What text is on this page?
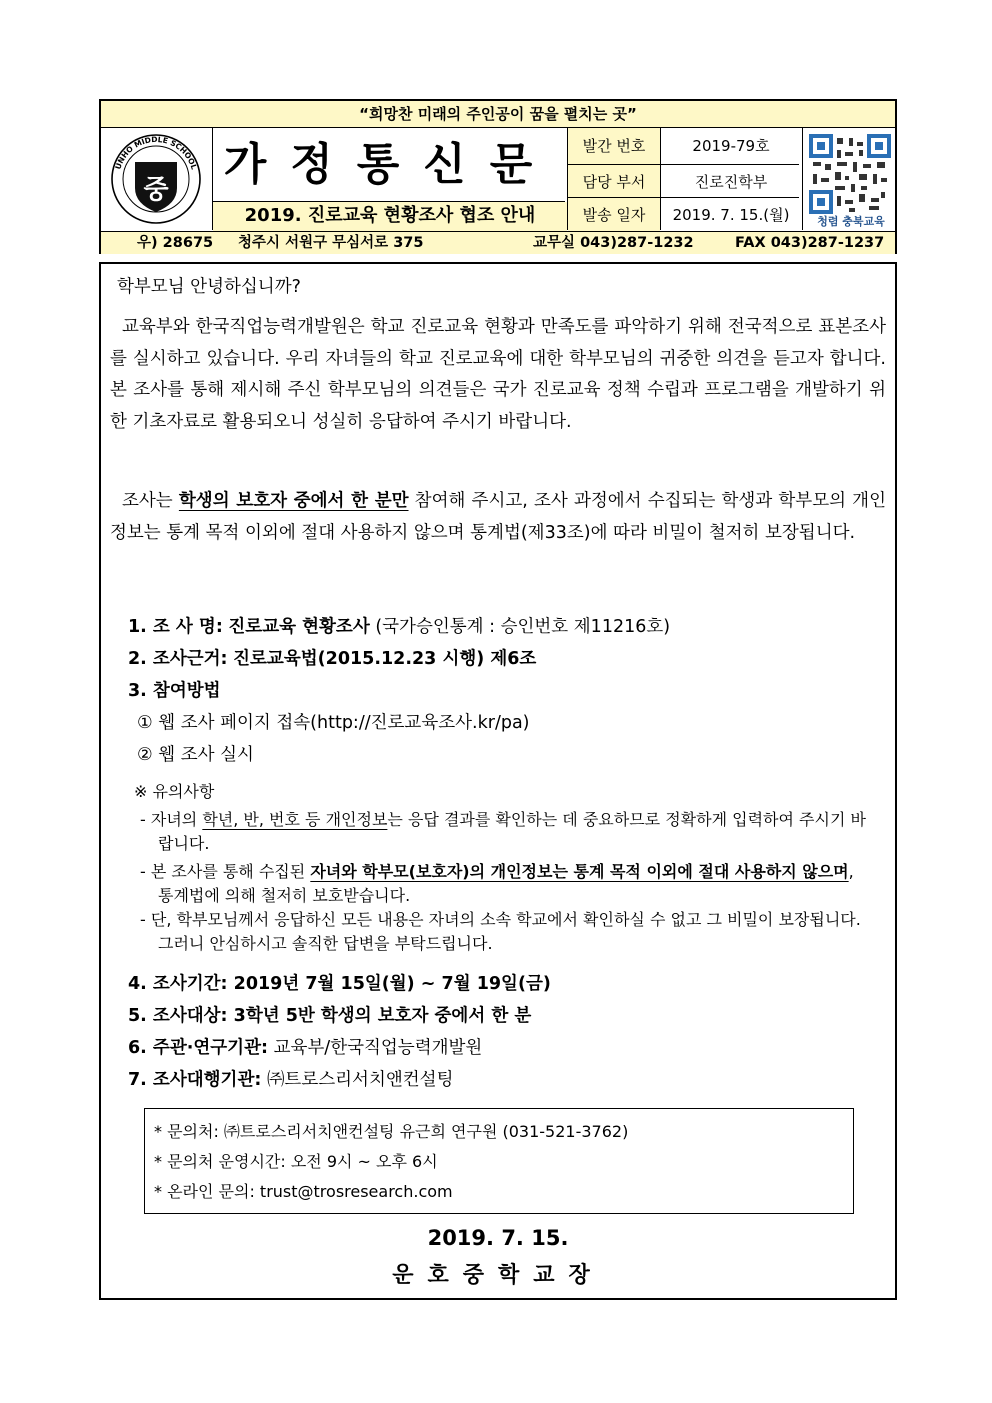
“희망찬 미래의 주인공이 꿈을 펼치는 곳”
UNHO MIDDLE SCHOOL
중 가정통신문
2019. 진로교육 현황조사 협조 안내
발간 번호	2019-79호
담당 부서	진로진학부
발송 일자	2019. 7. 15.(월)	청렴 충북교육
우) 28675 청주시 서원구 무심서로 375	교무실 043)287-1232	FAX 043)287-1237
학부모님 안녕하십니까?
교육부와 한국직업능력개발원은 학교 진로교육 현황과 만족도를 파악하기 위해 전국적으로 표본조사를 실시하고 있습니다. 우리 자녀들의 학교 진로교육에 대한 학부모님의 귀중한 의견을 듣고자 합니다. 본 조사를 통해 제시해 주신 학부모님의 의견들은 국가 진로교육 정책 수립과 프로그램을 개발하기 위한 기초자료로 활용되오니 성실히 응답하여 주시기 바랍니다.
조사는 학생의 보호자 중에서 한 분만 참여해 주시고, 조사 과정에서 수집되는 학생과 학부모의 개인정보는 통계 목적 이외에 절대 사용하지 않으며 통계법(제33조)에 따라 비밀이 철저히 보장됩니다.
1. 조 사 명: 진로교육 현황조사 (국가승인통계 : 승인번호 제11216호)
2. 조사근거: 진로교육법(2015.12.23 시행) 제6조
3. 참여방법
① 웹 조사 페이지 접속(http://진로교육조사.kr/pa)
② 웹 조사 실시
※ 유의사항
- 자녀의 학년, 반, 번호 등 개인정보는 응답 결과를 확인하는 데 중요하므로 정확하게 입력하여 주시기 바랍니다.
- 본 조사를 통해 수집된 자녀와 학부모(보호자)의 개인정보는 통계 목적 이외에 절대 사용하지 않으며, 통계법에 의해 철저히 보호받습니다.
- 단, 학부모님께서 응답하신 모든 내용은 자녀의 소속 학교에서 확인하실 수 없고 그 비밀이 보장됩니다. 그러니 안심하시고 솔직한 답변을 부탁드립니다.
4. 조사기간: 2019년 7월 15일(월) ~ 7월 19일(금)
5. 조사대상: 3학년 5반 학생의 보호자 중에서 한 분
6. 주관·연구기관: 교육부/한국직업능력개발원
7. 조사대행기관: ㈜트로스리서치앤컨설팅
* 문의처: ㈜트로스리서치앤컨설팅 유근희 연구원 (031-521-3762)
* 문의처 운영시간: 오전 9시 ~ 오후 6시
* 온라인 문의: trust@trosresearch.com
2019. 7. 15.
운호중학교장
